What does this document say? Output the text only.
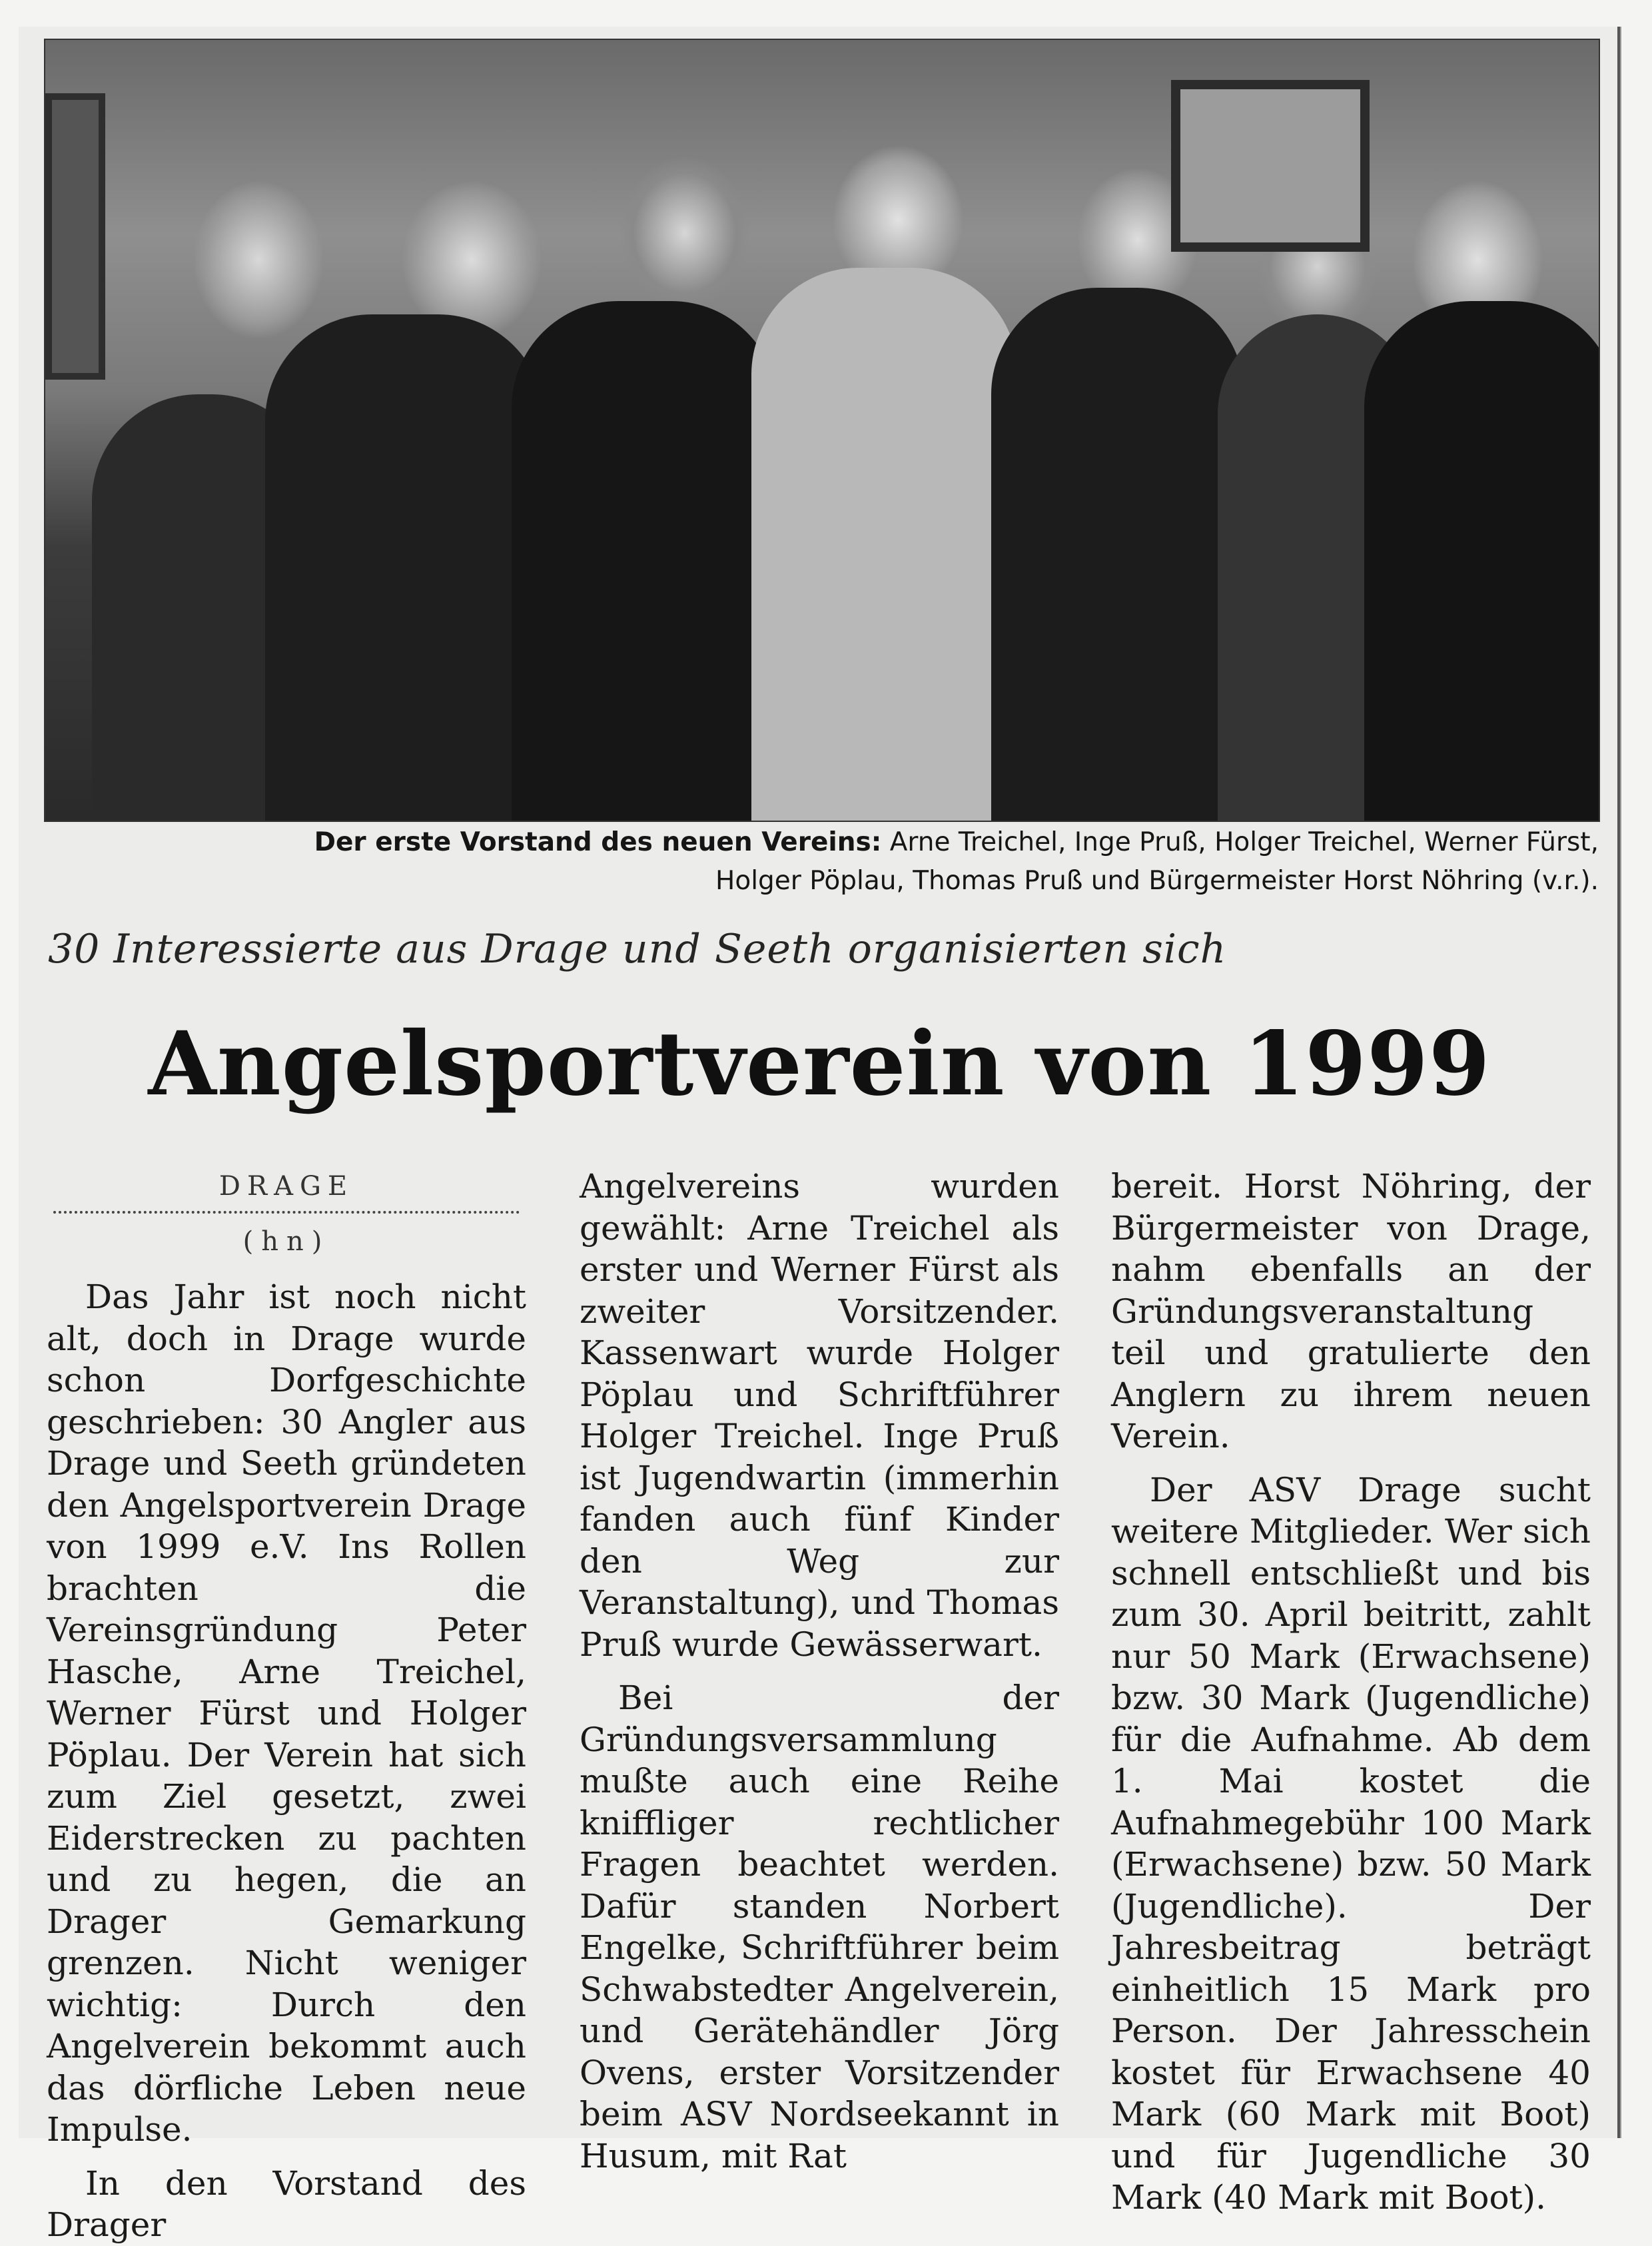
Der erste Vorstand des neuen Vereins: Arne Treichel, Inge Pruß, Holger Treichel, Werner Fürst,
Holger Pöplau, Thomas Pruß und Bürgermeister Horst Nöhring (v.r.).
30 Interessierte aus Drage und Seeth organisierten sich
Angelsportverein von 1999
DRAGE
(hn)

Das Jahr ist noch nicht alt, doch in Drage wurde schon Dorfgeschichte geschrieben: 30 Angler aus Drage und Seeth gründeten den Angelsportverein Drage von 1999 e.V. Ins Rollen brachten die Vereinsgründung Peter Hasche, Arne Treichel, Werner Fürst und Holger Pöplau. Der Verein hat sich zum Ziel gesetzt, zwei Eiderstrecken zu pachten und zu hegen, die an Drager Gemarkung grenzen. Nicht weniger wichtig: Durch den Angelverein bekommt auch das dörfliche Leben neue Impulse.

In den Vorstand des Drager

Angelvereins wurden gewählt: Arne Treichel als erster und Werner Fürst als zweiter Vorsitzender. Kassenwart wurde Holger Pöplau und Schriftführer Holger Treichel. Inge Pruß ist Jugendwartin (immerhin fanden auch fünf Kinder den Weg zur Veranstaltung), und Thomas Pruß wurde Gewässerwart.

Bei der Gründungsversammlung mußte auch eine Reihe kniffliger rechtlicher Fragen beachtet werden. Dafür standen Norbert Engelke, Schriftführer beim Schwabstedter Angelverein, und Gerätehändler Jörg Ovens, erster Vorsitzender beim ASV Nordseekannt in Husum, mit Rat

bereit. Horst Nöhring, der Bürgermeister von Drage, nahm ebenfalls an der Gründungsveranstaltung teil und gratulierte den Anglern zu ihrem neuen Verein.

Der ASV Drage sucht weitere Mitglieder. Wer sich schnell entschließt und bis zum 30. April beitritt, zahlt nur 50 Mark (Erwachsene) bzw. 30 Mark (Jugendliche) für die Aufnahme. Ab dem 1. Mai kostet die Aufnahmegebühr 100 Mark (Erwachsene) bzw. 50 Mark (Jugendliche). Der Jahresbeitrag beträgt einheitlich 15 Mark pro Person. Der Jahresschein kostet für Erwachsene 40 Mark (60 Mark mit Boot) und für Jugendliche 30 Mark (40 Mark mit Boot).
